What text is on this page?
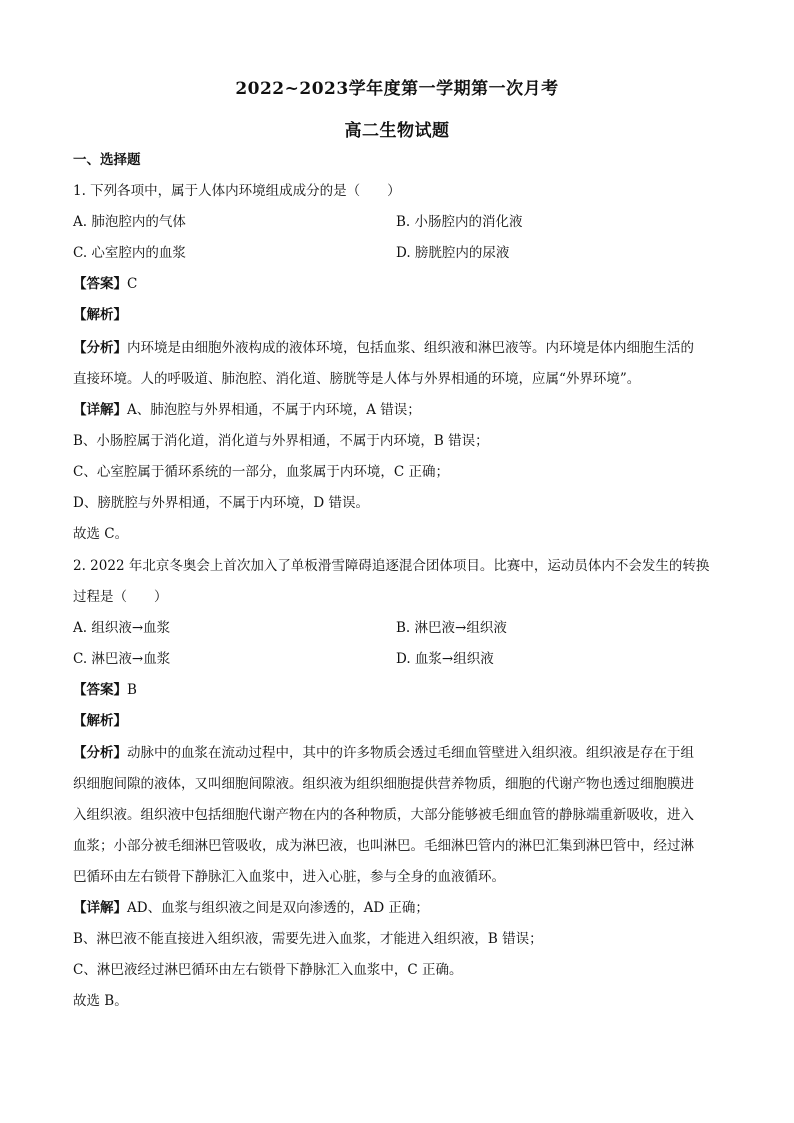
2022~2023学年度第一学期第一次月考
高二生物试题
一、选择题
1. 下列各项中，属于人体内环境组成成分的是（　　）
A. 肺泡腔内的气体	B. 小肠腔内的消化液
C. 心室腔内的血浆	D. 膀胱腔内的尿液
【答案】C
【解析】
【分析】内环境是由细胞外液构成的液体环境，包括血浆、组织液和淋巴液等。内环境是体内细胞生活的
直接环境。人的呼吸道、肺泡腔、消化道、膀胱等是人体与外界相通的环境，应属“外界环境”。
【详解】A、肺泡腔与外界相通，不属于内环境，A 错误；
B、小肠腔属于消化道，消化道与外界相通，不属于内环境，B 错误；
C、心室腔属于循环系统的一部分，血浆属于内环境，C 正确；
D、膀胱腔与外界相通，不属于内环境，D 错误。
故选 C。
2. 2022 年北京冬奥会上首次加入了单板滑雪障碍追逐混合团体项目。比赛中，运动员体内不会发生的转换
过程是（　　）
A. 组织液→血浆	B. 淋巴液→组织液
C. 淋巴液→血浆	D. 血浆→组织液
【答案】B
【解析】
【分析】动脉中的血浆在流动过程中，其中的许多物质会透过毛细血管壁进入组织液。组织液是存在于组
织细胞间隙的液体，又叫细胞间隙液。组织液为组织细胞提供营养物质，细胞的代谢产物也透过细胞膜进
入组织液。组织液中包括细胞代谢产物在内的各种物质，大部分能够被毛细血管的静脉端重新吸收，进入
血浆；小部分被毛细淋巴管吸收，成为淋巴液，也叫淋巴。毛细淋巴管内的淋巴汇集到淋巴管中，经过淋
巴循环由左右锁骨下静脉汇入血浆中，进入心脏，参与全身的血液循环。
【详解】AD、血浆与组织液之间是双向渗透的，AD 正确；
B、淋巴液不能直接进入组织液，需要先进入血浆，才能进入组织液，B 错误；
C、淋巴液经过淋巴循环由左右锁骨下静脉汇入血浆中，C 正确。
故选 B。
